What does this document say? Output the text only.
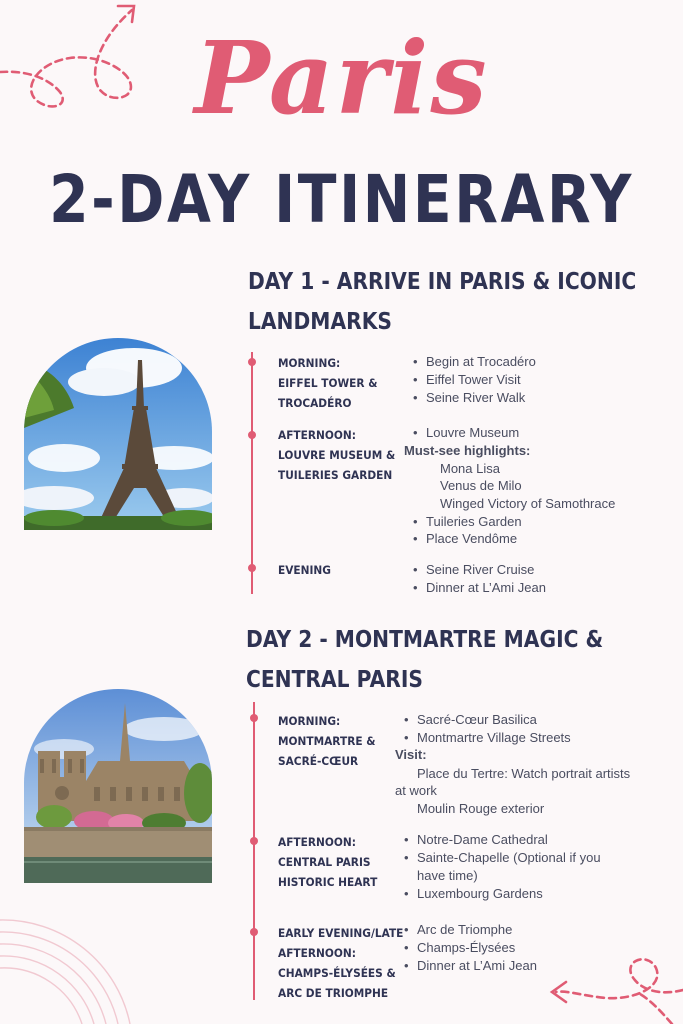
Paris
2-DAY ITINERARY
DAY 1 - ARRIVE IN PARIS & ICONIC
LANDMARKS
MORNING:
EIFFEL TOWER &
TROCADÉRO
• Begin at Trocadéro
• Eiffel Tower Visit
• Seine River Walk
AFTERNOON:
LOUVRE MUSEUM &
TUILERIES GARDEN
• Louvre Museum
Must-see highlights:
Mona Lisa
Venus de Milo
Winged Victory of Samothrace
• Tuileries Garden
• Place Vendôme
EVENING
•	Seine River Cruise
• Dinner at L’Ami Jean
DAY 2 - MONTMARTRE MAGIC &
CENTRAL PARIS
MORNING:
MONTMARTRE &
SACRÉ-CŒUR
• Sacré-Cœur Basilica
• Montmartre Village Streets
Visit:
Place du Tertre: Watch portrait artists
at work
Moulin Rouge exterior
AFTERNOON:
CENTRAL PARIS
HISTORIC HEART
• Notre-Dame Cathedral
• Sainte-Chapelle (Optional if you
have time)
• Luxembourg Gardens
EARLY EVENING/LATE
AFTERNOON:
CHAMPS-ÉLYSÉES &
ARC DE TRIOMPHE
• Arc de Triomphe
• Champs-Élysées
• Dinner at L’Ami Jean
